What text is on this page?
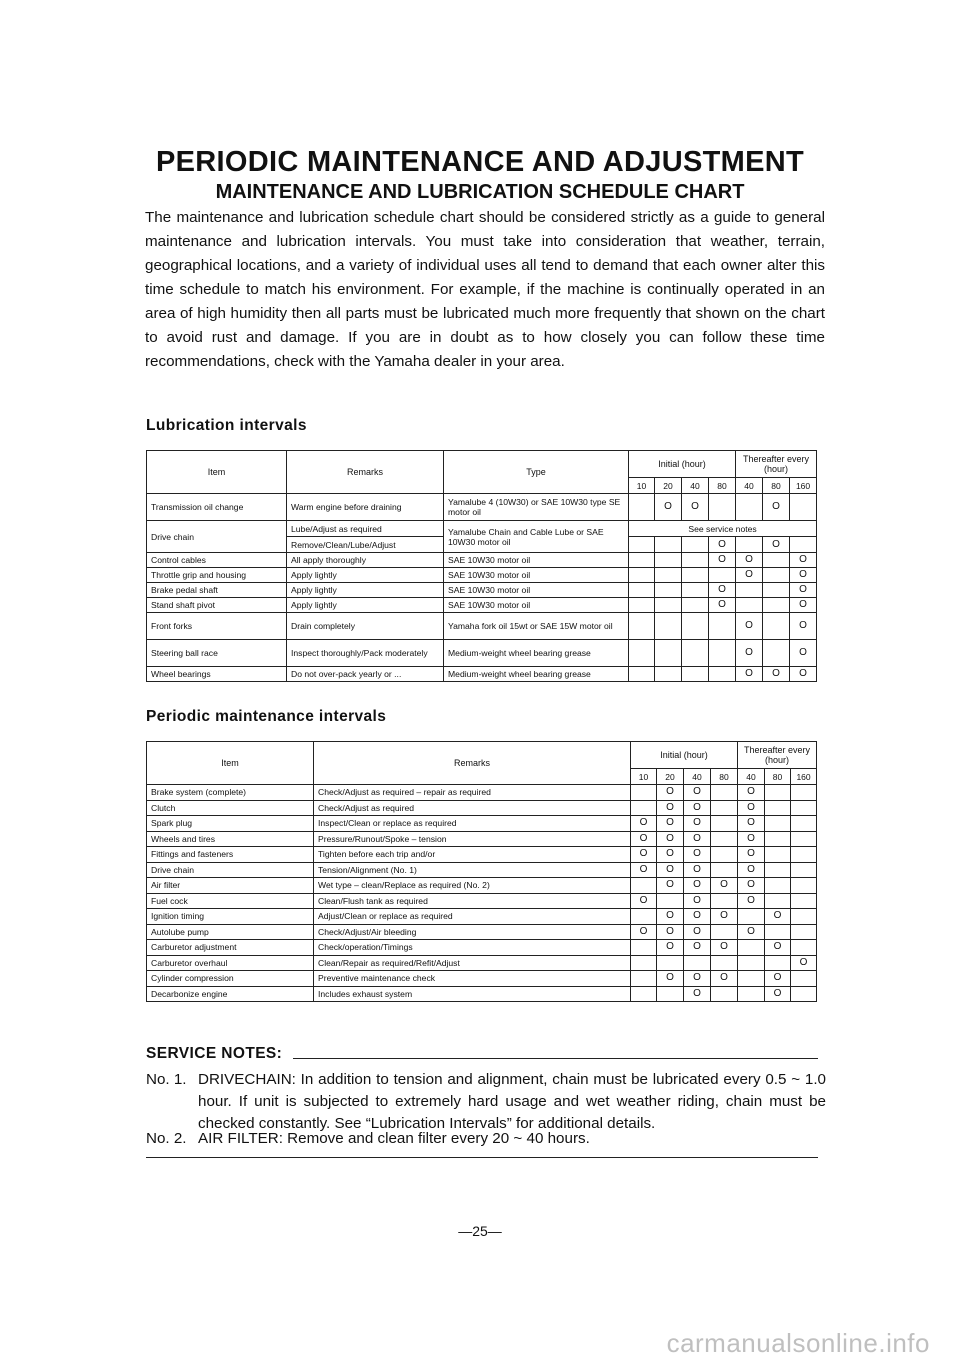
PERIODIC MAINTENANCE AND ADJUSTMENT
MAINTENANCE AND LUBRICATION SCHEDULE CHART

The maintenance and lubrication schedule chart should be considered strictly as a guide to general maintenance and lubrication intervals. You must take into consideration that weather, terrain, geographical locations, and a variety of individual uses all tend to demand that each owner alter this time schedule to match his environment. For example, if the machine is continually operated in an area of high humidity then all parts must be lubricated much more frequently that shown on the chart to avoid rust and damage. If you are in doubt as to how closely you can follow these time recommendations, check with the Yamaha dealer in your area.

Lubrication intervals
Item	Remarks	Type	Initial (hour)				Thereafter every (hour)		
			10	20	40	80	40	80	160
Transmission oil change	Warm engine before draining	Yamalube 4 (10W30) or SAE 10W30 type SE motor oil		O	O			O	
Drive chain	Lube/Adjust as required	Yamalube Chain and Cable Lube or SAE 10W30 motor oil	See service notes						
	Remove/Clean/Lube/Adjust					O		O	
Control cables	All apply thoroughly	SAE 10W30 motor oil				O	O		O
Throttle grip and housing	Apply lightly	SAE 10W30 motor oil					O		O
Brake pedal shaft	Apply lightly	SAE 10W30 motor oil				O			O
Stand shaft pivot	Apply lightly	SAE 10W30 motor oil				O			O
Front forks	Drain completely	Yamaha fork oil 15wt or SAE 15W motor oil					O		O
Steering ball race	Inspect thoroughly/Pack moderately	Medium-weight wheel bearing grease					O		O
Wheel bearings	Do not over-pack yearly or ...	Medium-weight wheel bearing grease					O	O	O
Periodic maintenance intervals
Item	Remarks	Initial (hour)				Thereafter every (hour)		
		10	20	40	80	40	80	160
Brake system (complete)	Check/Adjust as required – repair as required		O	O		O		
Clutch	Check/Adjust as required		O	O		O		
Spark plug	Inspect/Clean or replace as required	O	O	O		O		
Wheels and tires	Pressure/Runout/Spoke – tension	O	O	O		O		
Fittings and fasteners	Tighten before each trip and/or	O	O	O		O		
Drive chain	Tension/Alignment (No. 1)	O	O	O		O		
Air filter	Wet type – clean/Replace as required (No. 2)		O	O	O	O		
Fuel cock	Clean/Flush tank as required	O		O		O		
Ignition timing	Adjust/Clean or replace as required		O	O	O		O	
Autolube pump	Check/Adjust/Air bleeding	O	O	O		O		
Carburetor adjustment	Check/operation/Timings		O	O	O		O	
Carburetor overhaul	Clean/Repair as required/Refit/Adjust							O
Cylinder compression	Preventive maintenance check		O	O	O		O	
Decarbonize engine	Includes exhaust system			O			O	
SERVICE NOTES:
No. 1. DRIVECHAIN: In addition to tension and alignment, chain must be lubricated every 0.5 ~ 1.0 hour. If unit is subjected to extremely hard usage and wet weather riding, chain must be checked constantly. See “Lubrication Intervals” for additional details.
No. 2. AIR FILTER: Remove and clean filter every 20 ~ 40 hours.
—25—
carmanualsonline.info
